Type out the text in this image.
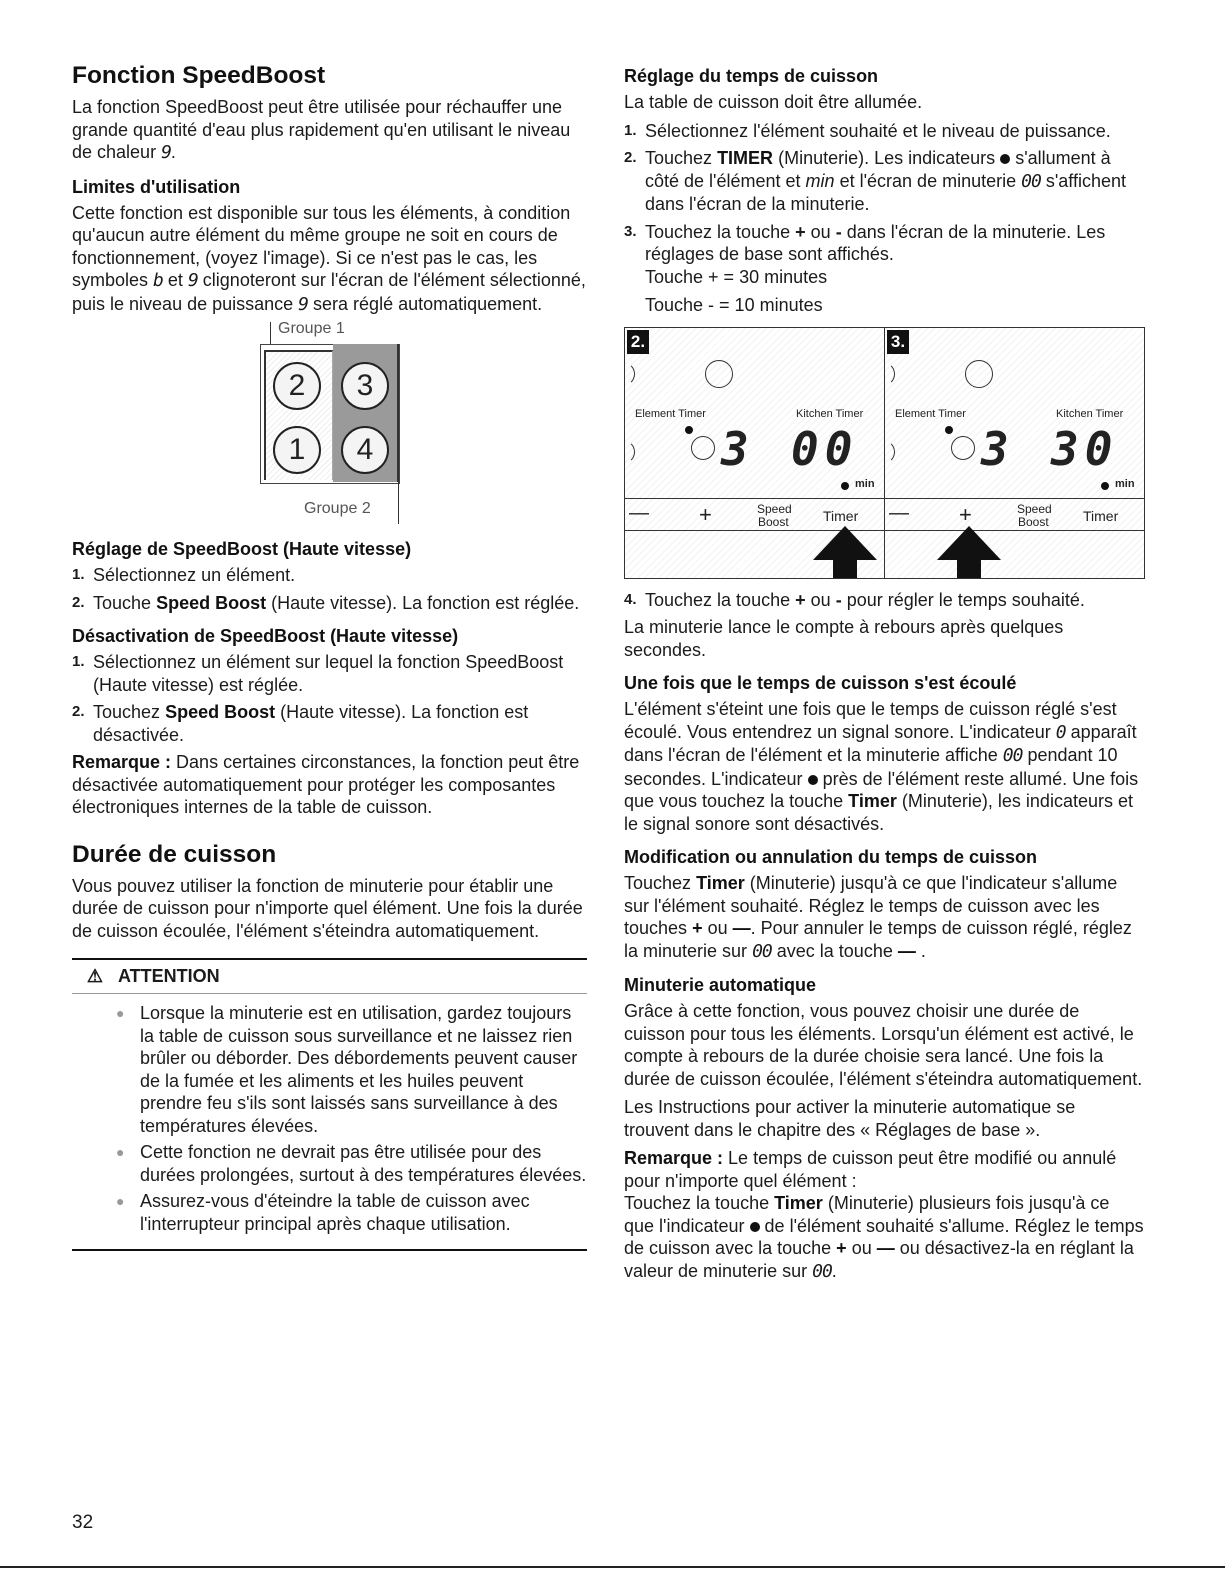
Fonction SpeedBoost

La fonction SpeedBoost peut être utilisée pour réchauffer une grande quantité d'eau plus rapidement qu'en utilisant le niveau de chaleur 9.

Limites d'utilisation

Cette fonction est disponible sur tous les éléments, à condition qu'aucun autre élément du même groupe ne soit en cours de fonctionnement, (voyez l'image). Si ce n'est pas le cas, les symboles b et 9 clignoteront sur l'écran de l'élément sélectionné, puis le niveau de puissance 9 sera réglé automatiquement.

Groupe 1
2	3
1	4
Groupe 2
Réglage de SpeedBoost (Haute vitesse)
1. Sélectionnez un élément.
2. Touche Speed Boost (Haute vitesse). La fonction est réglée.
Désactivation de SpeedBoost (Haute vitesse)
1. Sélectionnez un élément sur lequel la fonction SpeedBoost (Haute vitesse) est réglée.
2. Touchez Speed Boost (Haute vitesse). La fonction est désactivée.

Remarque : Dans certaines circonstances, la fonction peut être désactivée automatiquement pour protéger les composantes électroniques internes de la table de cuisson.

Durée de cuisson

Vous pouvez utiliser la fonction de minuterie pour établir une durée de cuisson pour n'importe quel élément. Une fois la durée de cuisson écoulée, l'élément s'éteindra automatiquement.

⚠ ATTENTION
● Lorsque la minuterie est en utilisation, gardez toujours la table de cuisson sous surveillance et ne laissez rien brûler ou déborder. Des débordements peuvent causer de la fumée et les aliments et les huiles peuvent prendre feu s'ils sont laissés sans surveillance à des températures élevées.
● Cette fonction ne devrait pas être utilisée pour des durées prolongées, surtout à des températures élevées.
● Assurez-vous d'éteindre la table de cuisson avec l'interrupteur principal après chaque utilisation.
Réglage du temps de cuisson

La table de cuisson doit être allumée.

1. Sélectionnez l'élément souhaité et le niveau de puissance.
2. Touchez TIMER (Minuterie). Les indicateurs s'allument à côté de l'élément et min et l'écran de minuterie 00 s'affichent dans l'écran de la minuterie.
3. Touchez la touche + ou - dans l'écran de la minuterie. Les réglages de base sont affichés.
Touche + = 30 minutes
Touche - = 10 minutes
2.
Element Timer	Kitchen Timer
3 00
min
— +	Speed
Boost Timer
3.
Element Timer	Kitchen Timer
3 30
min
— +	Speed
Boost Timer
4. Touchez la touche + ou - pour régler le temps souhaité.

La minuterie lance le compte à rebours après quelques secondes.

Une fois que le temps de cuisson s'est écoulé

L'élément s'éteint une fois que le temps de cuisson réglé s'est écoulé. Vous entendrez un signal sonore. L'indicateur 0 apparaît dans l'écran de l'élément et la minuterie affiche 00 pendant 10 secondes. L'indicateur près de l'élément reste allumé. Une fois que vous touchez la touche Timer (Minuterie), les indicateurs et le signal sonore sont désactivés.

Modification ou annulation du temps de cuisson

Touchez Timer (Minuterie) jusqu'à ce que l'indicateur s'allume sur l'élément souhaité. Réglez le temps de cuisson avec les touches + ou —. Pour annuler le temps de cuisson réglé, réglez la minuterie sur 00 avec la touche — .

Minuterie automatique

Grâce à cette fonction, vous pouvez choisir une durée de cuisson pour tous les éléments. Lorsqu'un élément est activé, le compte à rebours de la durée choisie sera lancé. Une fois la durée de cuisson écoulée, l'élément s'éteindra automatiquement.

Les Instructions pour activer la minuterie automatique se trouvent dans le chapitre des « Réglages de base ».

Remarque : Le temps de cuisson peut être modifié ou annulé pour n'importe quel élément :
Touchez la touche Timer (Minuterie) plusieurs fois jusqu'à ce que l'indicateur de l'élément souhaité s'allume. Réglez le temps de cuisson avec la touche + ou — ou désactivez-la en réglant la valeur de minuterie sur 00.

32
